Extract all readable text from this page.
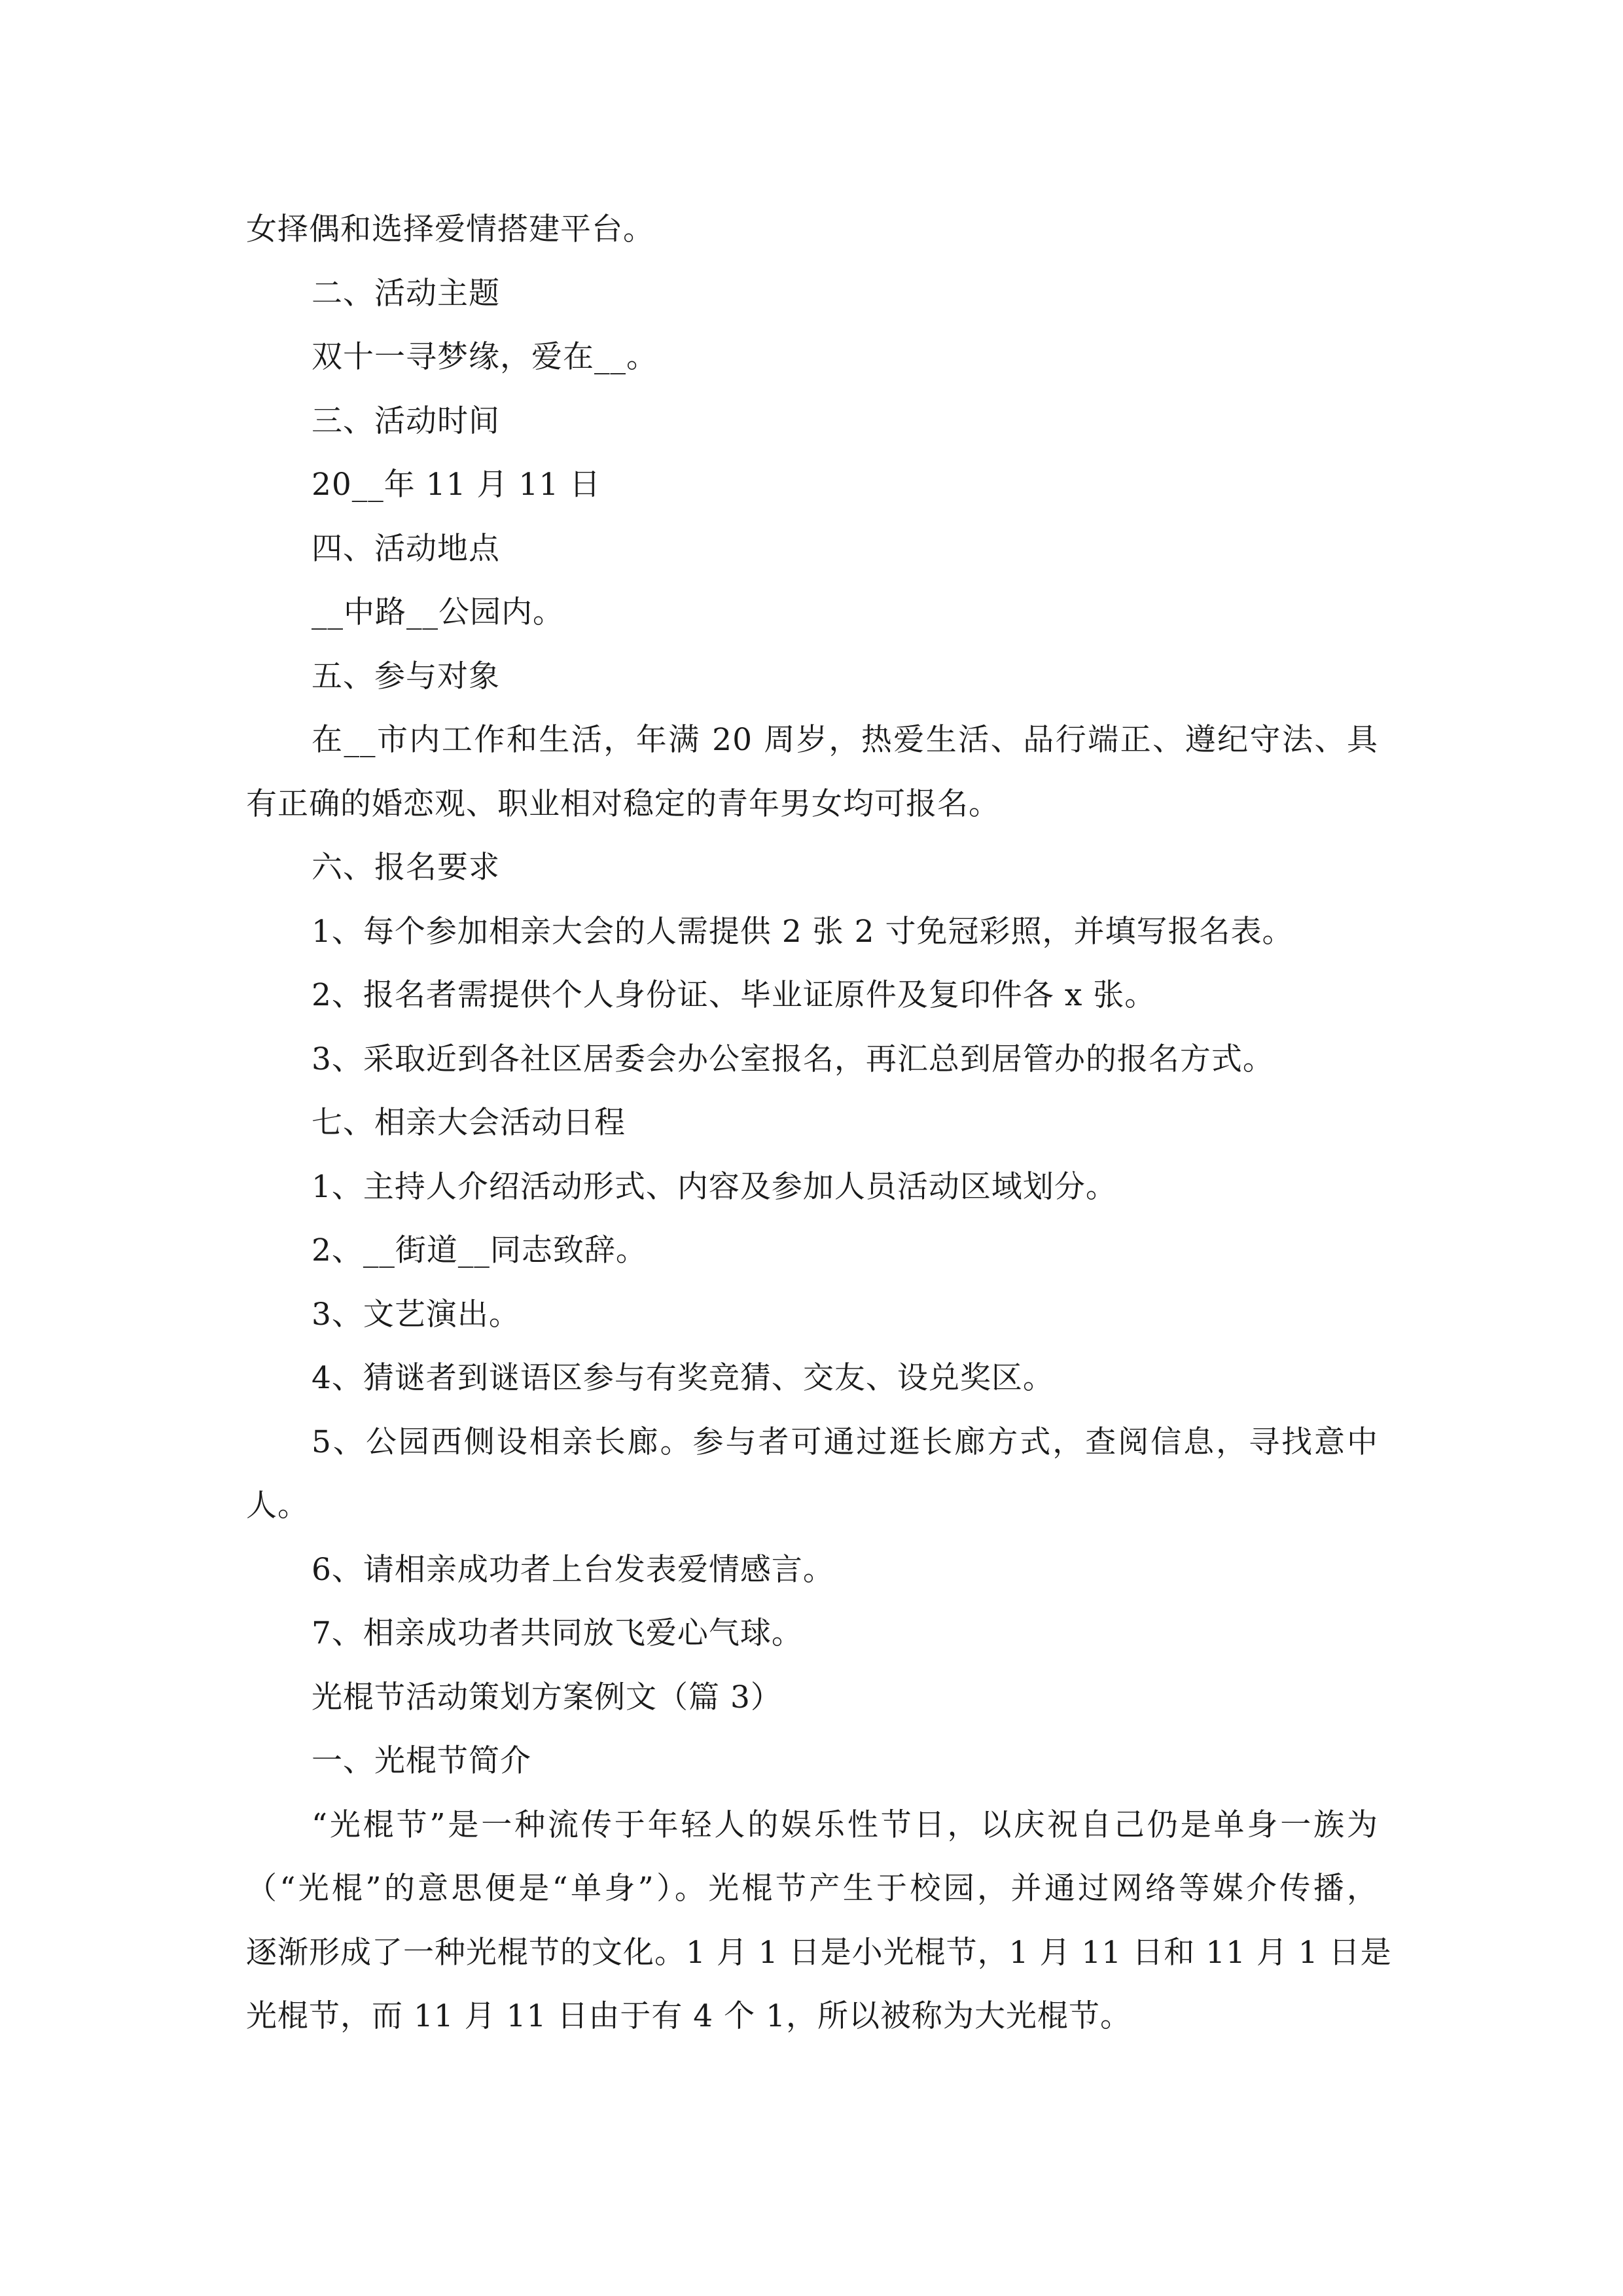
女择偶和选择爱情搭建平台。
二、活动主题
双十一寻梦缘，爱在__。
三、活动时间
20__年 11 月 11 日
四、活动地点
__中路__公园内。
五、参与对象
在__市内工作和生活，年满 20 周岁，热爱生活、品行端正、遵纪守法、具
有正确的婚恋观、职业相对稳定的青年男女均可报名。
六、报名要求
1、每个参加相亲大会的人需提供 2 张 2 寸免冠彩照，并填写报名表。
2、报名者需提供个人身份证、毕业证原件及复印件各 x 张。
3、采取近到各社区居委会办公室报名，再汇总到居管办的报名方式。
七、相亲大会活动日程
1、主持人介绍活动形式、内容及参加人员活动区域划分。
2、__街道__同志致辞。
3、文艺演出。
4、猜谜者到谜语区参与有奖竞猜、交友、设兑奖区。
5、公园西侧设相亲长廊。参与者可通过逛长廊方式，查阅信息，寻找意中
人。
6、请相亲成功者上台发表爱情感言。
7、相亲成功者共同放飞爱心气球。
光棍节活动策划方案例文（篇 3）
一、光棍节简介
“光棍节”是一种流传于年轻人的娱乐性节日，以庆祝自己仍是单身一族为
（“光棍”的意思便是“单身”）。光棍节产生于校园，并通过网络等媒介传播，
逐渐形成了一种光棍节的文化。1 月 1 日是小光棍节，1 月 11 日和 11 月 1 日是
光棍节，而 11 月 11 日由于有 4 个 1，所以被称为大光棍节。
